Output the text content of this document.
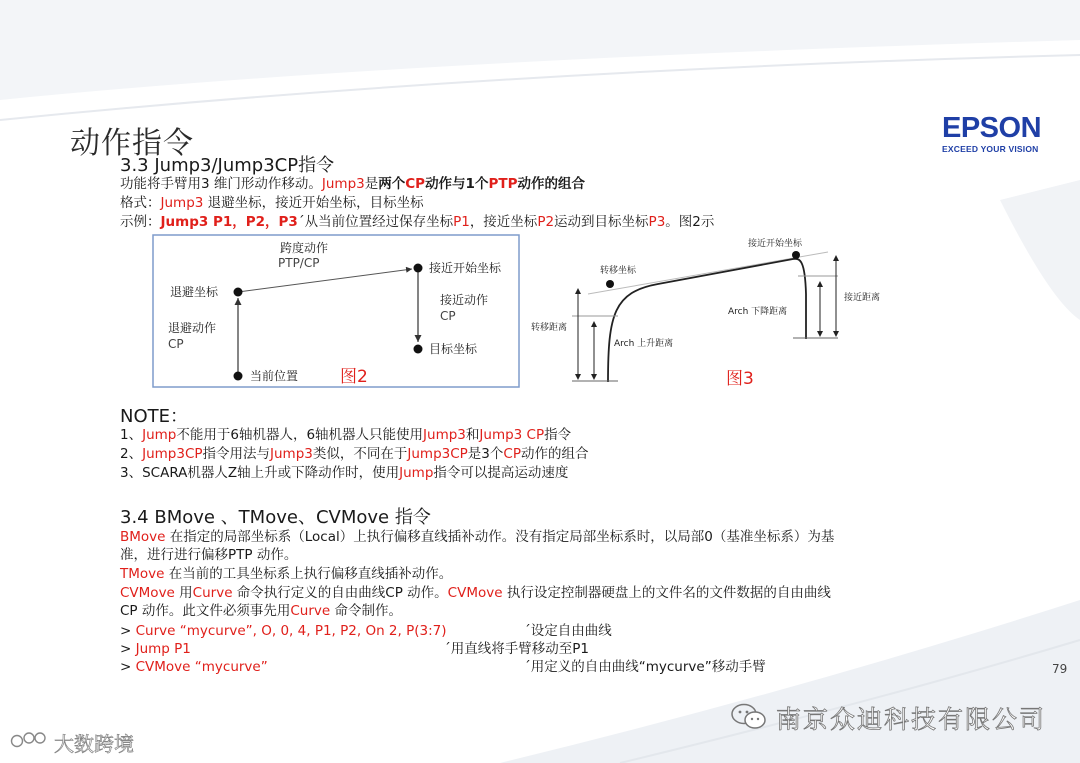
动作指令	EPSON
EXCEED YOUR VISION
3.3 Jump3/Jump3CP指令
功能将手臂用3 维门形动作移动。Jump3是两个CP动作与1个PTP动作的组合
格式：Jump3 退避坐标，接近开始坐标，目标坐标
示例：Jump3 P1，P2，P3´从当前位置经过保存坐标P1，接近坐标P2运动到目标坐标P3。图2示
跨度动作
PTP/CP
退避坐标
接近开始坐标
接近动作
CP
退避动作
CP	目标坐标
当前位置 图2
接近开始坐标
转移坐标
接近距离
转移距离
Arch 上升距离
Arch 下降距离
图3
NOTE：
1、Jump不能用于6轴机器人，6轴机器人只能使用Jump3和Jump3 CP指令
2、Jump3CP指令用法与Jump3类似，不同在于Jump3CP是3个CP动作的组合
3、SCARA机器人Z轴上升或下降动作时，使用Jump指令可以提高运动速度
3.4 BMove 、TMove、CVMove 指令
BMove 在指定的局部坐标系（Local）上执行偏移直线插补动作。没有指定局部坐标系时，以局部0（基准坐标系）为基
准，进行进行偏移PTP 动作。
TMove 在当前的工具坐标系上执行偏移直线插补动作。
CVMove 用Curve 命令执行定义的自由曲线CP 动作。CVMove 执行设定控制器硬盘上的文件名的文件数据的自由曲线
CP 动作。此文件必须事先用Curve 命令制作。
> Curve “mycurve”, O, 0, 4, P1, P2, On 2, P(3:7)	´设定自由曲线
> Jump P1	´用直线将手臂移动至P1
> CVMove “mycurve”	´用定义的自由曲线“mycurve”移动手臂	79
南京众迪科技有限公司
大数跨境
